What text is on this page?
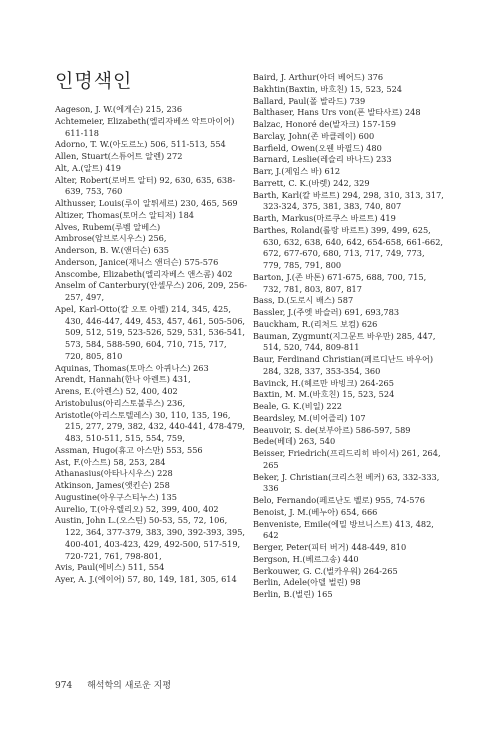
인명색인
Aageson, J. W.(에게슨) 215, 236
Achtemeier, Elizabeth(엘리자베쓰 악트마이어) 611-118
Adorno, T. W.(아도르노) 506, 511-513, 554
Allen, Stuart(스튜어트 알렌) 272
Alt, A.(알트) 419
Alter, Robert(로버트 알터) 92, 630, 635, 638-639, 753, 760
Althusser, Louis(루이 알튀세르) 230, 465, 569
Altizer, Thomas(토머스 알티저) 184
Alves, Rubem(루벰 알베스)
Ambrose(암브로시우스) 256,
Anderson, B. W.(앤더슨) 635
Anderson, Janice(재니스 앤더슨) 575-576
Anscombe, Elizabeth(엘리자베스 앤스콤) 402
Anselm of Canterbury(안셀무스) 206, 209, 256-257, 497,
Apel, Karl-Otto(칼 오토 아펠) 214, 345, 425, 430, 446-447, 449, 453, 457, 461, 505-506, 509, 512, 519, 523-526, 529, 531, 536-541, 573, 584, 588-590, 604, 710, 715, 717, 720, 805, 810
Aquinas, Thomas(토마스 아퀴나스) 263
Arendt, Hannah(한나 아렌트) 431,
Arens, E.(아렌스) 52, 400, 402
Aristobulus(아리스토불루스) 236,
Aristotle(아리스토텔레스) 30, 110, 135, 196, 215, 277, 279, 382, 432, 440-441, 478-479, 483, 510-511, 515, 554, 759,
Assman, Hugo(휴고 아스만) 553, 556
Ast, F.(아스트) 58, 253, 284
Athanasius(아타나시우스) 228
Atkinson, James(앳킨슨) 258
Augustine(아우구스티누스) 135
Aurelio, T.(아우렐리오) 52, 399, 400, 402
Austin, John L.(오스틴) 50-53, 55, 72, 106, 122, 364, 377-379, 383, 390, 392-393, 395, 400-401, 403-423, 429, 492-500, 517-519, 720-721, 761, 798-801,
Avis, Paul(에비스) 511, 554
Ayer, A. J.(에이어) 57, 80, 149, 181, 305, 614
Baird, J. Arthur(아더 베어드) 376
Bakhtin(Baxtin, 바흐친) 15, 523, 524
Ballard, Paul(폴 발라드) 739
Balthaser, Hans Urs von(폰 발타사르) 248
Balzac, Honoré de(발자크) 157-159
Barclay, John(존 바클레이) 600
Barfield, Owen(오웬 바필드) 480
Barnard, Leslie(레슬리 바나드) 233
Barr, J.(제임스 바) 612
Barrett, C. K.(바렛) 242, 329
Barth, Karl(칼 바르트) 294, 298, 310, 313, 317, 323-324, 375, 381, 383, 740, 807
Barth, Markus(마르쿠스 바르트) 419
Barthes, Roland(롤랑 바르트) 399, 499, 625, 630, 632, 638, 640, 642, 654-658, 661-662, 672, 677-670, 680, 713, 717, 749, 773, 779, 785, 791, 800
Barton, J.(존 바톤) 671-675, 688, 700, 715, 732, 781, 803, 807, 817
Bass, D.(도로시 배스) 587
Bassler, J.(주엣 바슬러) 691, 693,783
Bauckham, R.(리처드 보컴) 626
Bauman, Zygmunt(지그문트 바우만) 285, 447, 514, 520, 744, 809-811
Baur, Ferdinand Christian(페르디난드 바우어) 284, 328, 337, 353-354, 360
Bavinck, H.(헤르만 바빙크) 264-265
Baxtin, M. M.(바흐친) 15, 523, 524
Beale, G. K.(비일) 222
Beardsley, M.(비어즐리) 107
Beauvoir, S. de(보부아르) 586-597, 589
Bede(베데) 263, 540
Beisser, Friedrich(프리드리히 바이서) 261, 264, 265
Beker, J. Christian(크리스천 베커) 63, 332-333, 336
Belo, Fernando(페르난도 벨로) 955, 74-576
Benoist, J. M.(베누아) 654, 666
Benveniste, Emile(에밀 방브니스트) 413, 482, 642
Berger, Peter(피터 버거) 448-449, 810
Bergson, H.(베르그송) 440
Berkouwer, G. C.(벌카우워) 264-265
Berlin, Adele(아델 벌린) 98
Berlin, B.(벌린) 165
974 해석학의 새로운 지평
